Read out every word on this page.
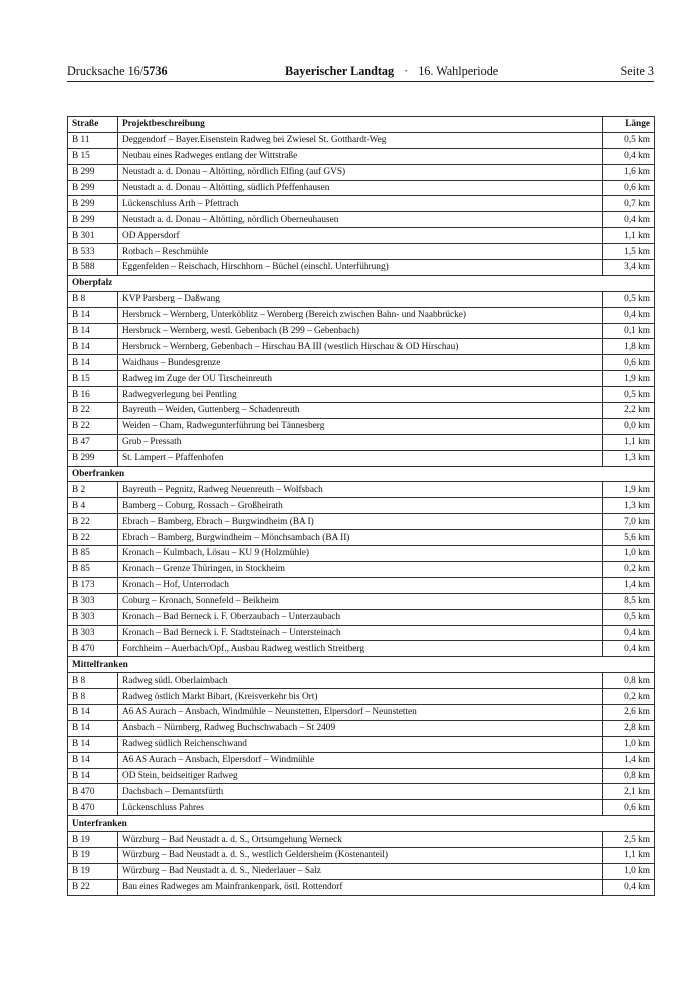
Drucksache 16/5736	Bayerischer Landtag · 16. Wahlperiode	Seite 3
Straße	Projektbeschreibung	Länge
B 11	Deggendorf – Bayer.Eisenstein Radweg bei Zwiesel St. Gotthardt-Weg	0,5 km
B 15	Neubau eines Radweges entlang der Wittstraße	0,4 km
B 299	Neustadt a. d. Donau – Altötting, nördlich Elfing (auf GVS)	1,6 km
B 299	Neustadt a. d. Donau – Altötting, südlich Pfeffenhausen	0,6 km
B 299	Lückenschluss Arth – Pfettrach	0,7 km
B 299	Neustadt a. d. Donau – Altötting, nördlich Oberneuhausen	0,4 km
B 301	OD Appersdorf	1,1 km
B 533	Rotbach – Reschmühle	1,5 km
B 588	Eggenfelden – Reischach, Hirschhorn – Büchel (einschl. Unterführung)	3,4 km
Oberpfalz		
B 8	KVP Parsberg – Daßwang	0,5 km
B 14	Hersbruck – Wernberg, Unterköblitz – Wernberg (Bereich zwischen Bahn- und Naabbrücke)	0,4 km
B 14	Hersbruck – Wernberg, westl. Gebenbach (B 299 – Gebenbach)	0,1 km
B 14	Hersbruck – Wernberg, Gebenbach – Hirschau BA III (westlich Hirschau & OD Hirschau)	1,8 km
B 14	Waidhaus – Bundesgrenze	0,6 km
B 15	Radweg im Zuge der OU Tirscheinreuth	1,9 km
B 16	Radwegverlegung bei Pentling	0,5 km
B 22	Bayreuth – Weiden, Guttenberg – Schadenreuth	2,2 km
B 22	Weiden – Cham, Radwegunterführung bei Tännesberg	0,0 km
B 47	Grub – Pressath	1,1 km
B 299	St. Lampert – Pfaffenhofen	1,3 km
Oberfranken		
B 2	Bayreuth – Pegnitz, Radweg Neuenreuth – Wolfsbach	1,9 km
B 4	Bamberg – Coburg, Rossach – Großheirath	1,3 km
B 22	Ebrach – Bamberg, Ebrach – Burgwindheim (BA I)	7,0 km
B 22	Ebrach – Bamberg, Burgwindheim – Mönchsambach (BA II)	5,6 km
B 85	Kronach – Kulmbach, Lösau – KU 9 (Holzmühle)	1,0 km
B 85	Kronach – Grenze Thüringen, in Stockheim	0,2 km
B 173	Kronach – Hof, Unterrodach	1,4 km
B 303	Coburg – Kronach, Sonnefeld – Beikheim	8,5 km
B 303	Kronach – Bad Berneck i. F. Oberzaubach – Unterzaubach	0,5 km
B 303	Kronach – Bad Berneck i. F. Stadtsteinach – Untersteinach	0,4 km
B 470	Forchheim – Auerbach/Opf., Ausbau Radweg westlich Streitberg	0,4 km
Mittelfranken		
B 8	Radweg südl. Oberlaimbach	0,8 km
B 8	Radweg östlich Markt Bibart, (Kreisverkehr bis Ort)	0,2 km
B 14	A6 AS Aurach – Ansbach, Windmühle – Neunstetten, Elpersdorf – Neunstetten	2,6 km
B 14	Ansbach – Nürnberg, Radweg Buchschwabach – St 2409	2,8 km
B 14	Radweg südlich Reichenschwand	1,0 km
B 14	A6 AS Aurach – Ansbach, Elpersdorf – Windmühle	1,4 km
B 14	OD Stein, beidseitiger Radweg	0,8 km
B 470	Dachsbach – Demantsfürth	2,1 km
B 470	Lückenschluss Pahres	0,6 km
Unterfranken		
B 19	Würzburg – Bad Neustadt a. d. S., Ortsumgehung Werneck	2,5 km
B 19	Würzburg – Bad Neustadt a. d. S., westlich Geldersheim (Kostenanteil)	1,1 km
B 19	Würzburg – Bad Neustadt a. d. S., Niederlauer – Salz	1,0 km
B 22	Bau eines Radweges am Mainfrankenpark, östl. Rottendorf	0,4 km
